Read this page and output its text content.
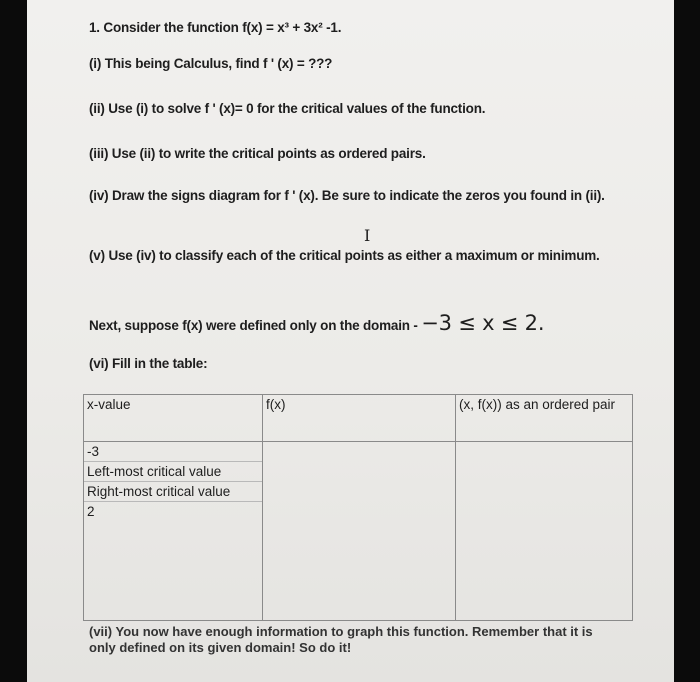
1. Consider the function f(x) = x³ + 3x² -1.
(i) This being Calculus, find f ' (x) = ???
(ii) Use (i) to solve f ' (x)= 0 for the critical values of the function.
(iii) Use (ii) to write the critical points as ordered pairs.
(iv) Draw the signs diagram for f ' (x). Be sure to indicate the zeros you found in (ii).
I
(v) Use (iv) to classify each of the critical points as either a maximum or minimum.
Next, suppose f(x) were defined only on the domain - −3 ≤ x ≤ 2.
(vi) Fill in the table:
x-value	f(x)	(x, f(x)) as an ordered pair

-3
Left-most critical value
Right-most critical value
2		

(vii) You now have enough information to graph this function. Remember that it is only defined on its given domain! So do it!
